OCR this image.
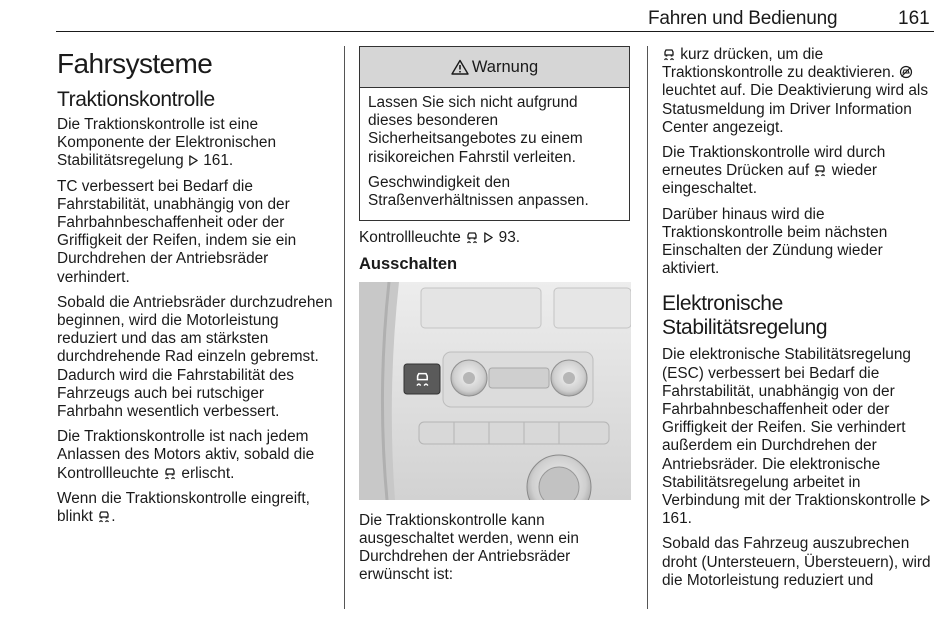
Fahren und Bedienung	161
Fahrsysteme
Traktionskontrolle

Die Traktionskontrolle ist eine Komponente der Elektronischen Stabilitätsregelung 161.

TC verbessert bei Bedarf die Fahrstabilität, unabhängig von der Fahrbahnbeschaffenheit oder der Griffigkeit der Reifen, indem sie ein Durchdrehen der Antriebsräder verhindert.

Sobald die Antriebsräder durchzudrehen beginnen, wird die Motorleistung reduziert und das am stärksten durchdrehende Rad einzeln gebremst. Dadurch wird die Fahrstabilität des Fahrzeugs auch bei rutschiger Fahrbahn wesentlich verbessert.

Die Traktionskontrolle ist nach jedem Anlassen des Motors aktiv, sobald die Kontrollleuchte erlischt.

Wenn die Traktionskontrolle eingreift, blinkt .

Warnung

Lassen Sie sich nicht aufgrund dieses besonderen Sicherheitsangebotes zu einem risikoreichen Fahrstil verleiten.

Geschwindigkeit den Straßenverhältnissen anpassen.

Kontrollleuchte 93.

Ausschalten

Die Traktionskontrolle kann ausgeschaltet werden, wenn ein Durchdrehen der Antriebsräder erwünscht ist:

kurz drücken, um die Traktionskontrolle zu deaktivieren.  leuchtet auf. Die Deaktivierung wird als Statusmeldung im Driver Information Center angezeigt.

Die Traktionskontrolle wird durch erneutes Drücken auf wieder eingeschaltet.

Darüber hinaus wird die Traktionskontrolle beim nächsten Einschalten der Zündung wieder aktiviert.

Elektronische
Stabilitätsregelung

Die elektronische Stabilitätsregelung (ESC) verbessert bei Bedarf die Fahrstabilität, unabhängig von der Fahrbahnbeschaffenheit oder der Griffigkeit der Reifen. Sie verhindert außerdem ein Durchdrehen der Antriebsräder. Die elektronische Stabilitätsregelung arbeitet in Verbindung mit der Traktionskontrolle  161.

Sobald das Fahrzeug auszubrechen droht (Untersteuern, Übersteuern), wird die Motorleistung reduziert und
